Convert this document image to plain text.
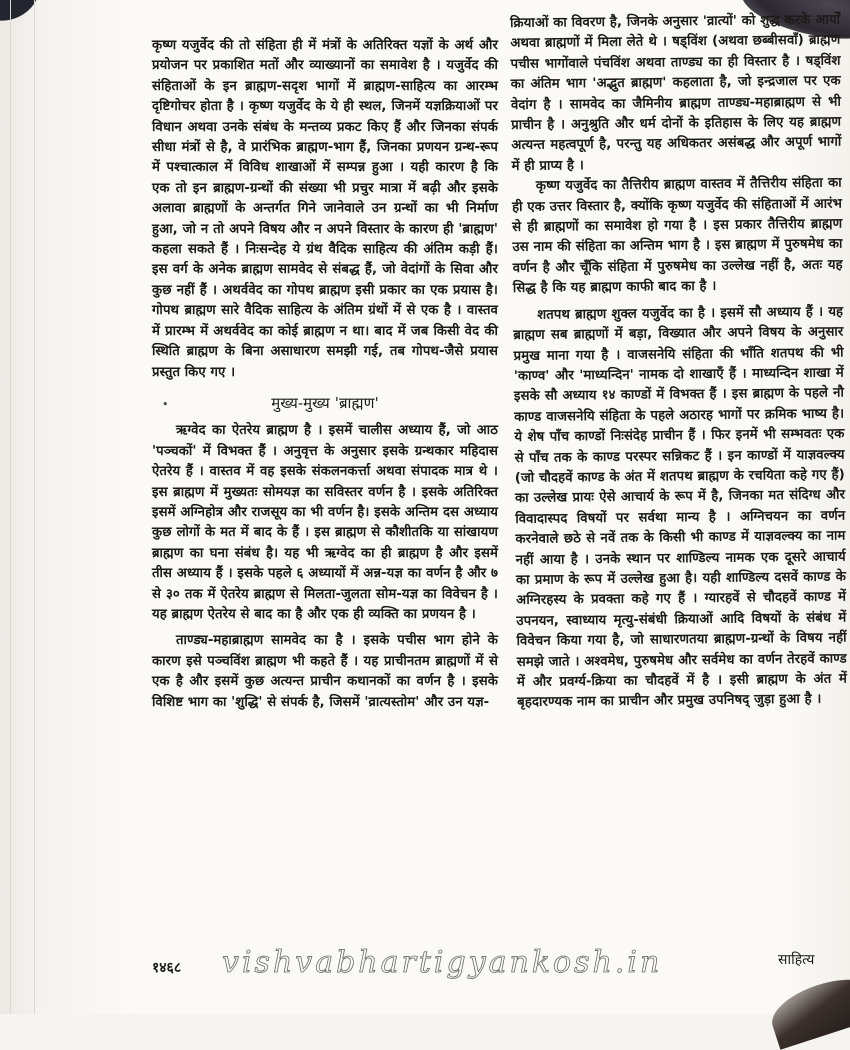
कृष्ण यजुर्वेद की तो संहिता ही में मंत्रों के अतिरिक्त यज्ञों के अर्थ और प्रयोजन पर प्रकाशित मतों और व्याख्यानों का समावेश है । यजुर्वेद की संहिताओं के इन ब्राह्मण-सदृश भागों में ब्राह्मण-साहित्य का आरम्भ दृष्टिगोचर होता है । कृष्ण यजुर्वेद के ये ही स्थल, जिनमें यज्ञक्रियाओं पर विधान अथवा उनके संबंध के मन्तव्य प्रकट किए हैं और जिनका संपर्क सीधा मंत्रों से है, वे प्रारंभिक ब्राह्मण-भाग हैं, जिनका प्रणयन ग्रन्थ-रूप में पश्चात्काल में विविध शाखाओं में सम्पन्न हुआ । यही कारण है कि एक तो इन ब्राह्मण-ग्रन्थों की संख्या भी प्रचुर मात्रा में बढ़ी और इसके अलावा ब्राह्मणों के अन्तर्गत गिने जानेवाले उन ग्रन्थों का भी निर्माण हुआ, जो न तो अपने विषय और न अपने विस्तार के कारण ही 'ब्राह्मण' कहला सकते हैं । निःसन्देह ये ग्रंथ वैदिक साहित्य की अंतिम कड़ी हैं। इस वर्ग के अनेक ब्राह्मण सामवेद से संबद्ध हैं, जो वेदांगों के सिवा और कुछ नहीं हैं । अथर्ववेद का गोपथ ब्राह्मण इसी प्रकार का एक प्रयास है। गोपथ ब्राह्मण सारे वैदिक साहित्य के अंतिम ग्रंथों में से एक है । वास्तव में प्रारम्भ में अथर्ववेद का कोई ब्राह्मण न था। बाद में जब किसी वेद की स्थिति ब्राह्मण के बिना असाधारण समझी गई, तब गोपथ-जैसे प्रयास प्रस्तुत किए गए ।

•	मुख्य-मुख्य 'ब्राह्मण'

ऋग्वेद का ऐतरेय ब्राह्मण है । इसमें चालीस अध्याय हैं, जो आठ 'पञ्चकों' में विभक्त हैं । अनुवृत्त के अनुसार इसके ग्रन्थकार महिदास ऐतरेय हैं । वास्तव में वह इसके संकलनकर्त्ता अथवा संपादक मात्र थे । इस ब्राह्मण में मुख्यतः सोमयज्ञ का सविस्तर वर्णन है । इसके अतिरिक्त इसमें अग्निहोत्र और राजसूय का भी वर्णन है। इसके अन्तिम दस अध्याय कुछ लोगों के मत में बाद के हैं । इस ब्राह्मण से कौशीतकि या सांखायण ब्राह्मण का घना संबंध है। यह भी ऋग्वेद का ही ब्राह्मण है और इसमें तीस अध्याय हैं । इसके पहले ६ अध्यायों में अन्न-यज्ञ का वर्णन है और ७ से ३० तक में ऐतरेय ब्राह्मण से मिलता-जुलता सोम-यज्ञ का विवेचन है । यह ब्राह्मण ऐतरेय से बाद का है और एक ही व्यक्ति का प्रणयन है ।

ताण्ड्य-महाब्राह्मण सामवेद का है । इसके पचीस भाग होने के कारण इसे पञ्चविंश ब्राह्मण भी कहते हैं । यह प्राचीनतम ब्राह्मणों में से एक है और इसमें कुछ अत्यन्त प्राचीन कथानकों का वर्णन है । इसके विशिष्ट भाग का 'शुद्धि' से संपर्क है, जिसमें 'व्रात्यस्तोम' और उन यज्ञ-

क्रियाओं का विवरण है, जिनके अनुसार 'व्रात्यों' को शुद्ध करके आर्यों अथवा ब्राह्मणों में मिला लेते थे । षड्विंश (अथवा छब्बीसवाँ) ब्राह्मण पचीस भागोंवाले पंचविंश अथवा ताण्ड्य का ही विस्तार है । षड्विंश का अंतिम भाग 'अद्भुत ब्राह्मण' कहलाता है, जो इन्द्रजाल पर एक वेदांग है । सामवेद का जैमिनीय ब्राह्मण ताण्ड्य-महाब्राह्मण से भी प्राचीन है । अनुश्रुति और धर्म दोनों के इतिहास के लिए यह ब्राह्मण अत्यन्त महत्वपूर्ण है, परन्तु यह अधिकतर असंबद्ध और अपूर्ण भागों में ही प्राप्य है ।

कृष्ण यजुर्वेद का तैत्तिरीय ब्राह्मण वास्तव में तैत्तिरीय संहिता का ही एक उत्तर विस्तार है, क्योंकि कृष्ण यजुर्वेद की संहिताओं में आरंभ से ही ब्राह्मणों का समावेश हो गया है । इस प्रकार तैत्तिरीय ब्राह्मण उस नाम की संहिता का अन्तिम भाग है । इस ब्राह्मण में पुरुषमेध का वर्णन है और चूँकि संहिता में पुरुषमेध का उल्लेख नहीं है, अतः यह सिद्ध है कि यह ब्राह्मण काफी बाद का है ।

शतपथ ब्राह्मण शुक्ल यजुर्वेद का है । इसमें सौ अध्याय हैं । यह ब्राह्मण सब ब्राह्मणों में बड़ा, विख्यात और अपने विषय के अनुसार प्रमुख माना गया है । वाजसनेयि संहिता की भाँति शतपथ की भी 'काण्व' और 'माध्यन्दिन' नामक दो शाखाएँ हैं । माध्यन्दिन शाखा में इसके सौ अध्याय १४ काण्डों में विभक्त हैं । इस ब्राह्मण के पहले नौ काण्ड वाजसनेयि संहिता के पहले अठारह भागों पर क्रमिक भाष्य है। ये शेष पाँच काण्डों निःसंदेह प्राचीन हैं । फिर इनमें भी सम्भवतः एक से पाँच तक के काण्ड परस्पर सन्निकट हैं । इन काण्डों में याज्ञवल्क्य (जो चौदहवें काण्ड के अंत में शतपथ ब्राह्मण के रचयिता कहे गए हैं) का उल्लेख प्रायः ऐसे आचार्य के रूप में है, जिनका मत संदिग्ध और विवादास्पद विषयों पर सर्वथा मान्य है । अग्निचयन का वर्णन करनेवाले छठे से नवें तक के किसी भी काण्ड में याज्ञवल्क्य का नाम नहीं आया है । उनके स्थान पर शाण्डिल्य नामक एक दूसरे आचार्य का प्रमाण के रूप में उल्लेख हुआ है। यही शाण्डिल्य दसवें काण्ड के अग्निरहस्य के प्रवक्ता कहे गए हैं । ग्यारहवें से चौदहवें काण्ड में उपनयन, स्वाध्याय मृत्यु-संबंधी क्रियाओं आदि विषयों के संबंध में विवेचन किया गया है, जो साधारणतया ब्राह्मण-ग्रन्थों के विषय नहीं समझे जाते । अश्वमेध, पुरुषमेध और सर्वमेध का वर्णन तेरहवें काण्ड में और प्रवर्ग्य-क्रिया का चौदहवें में है । इसी ब्राह्मण के अंत में बृहदारण्यक नाम का प्राचीन और प्रमुख उपनिषद् जुड़ा हुआ है ।

१४६८ vishvabhartigyankosh.in	साहित्य
